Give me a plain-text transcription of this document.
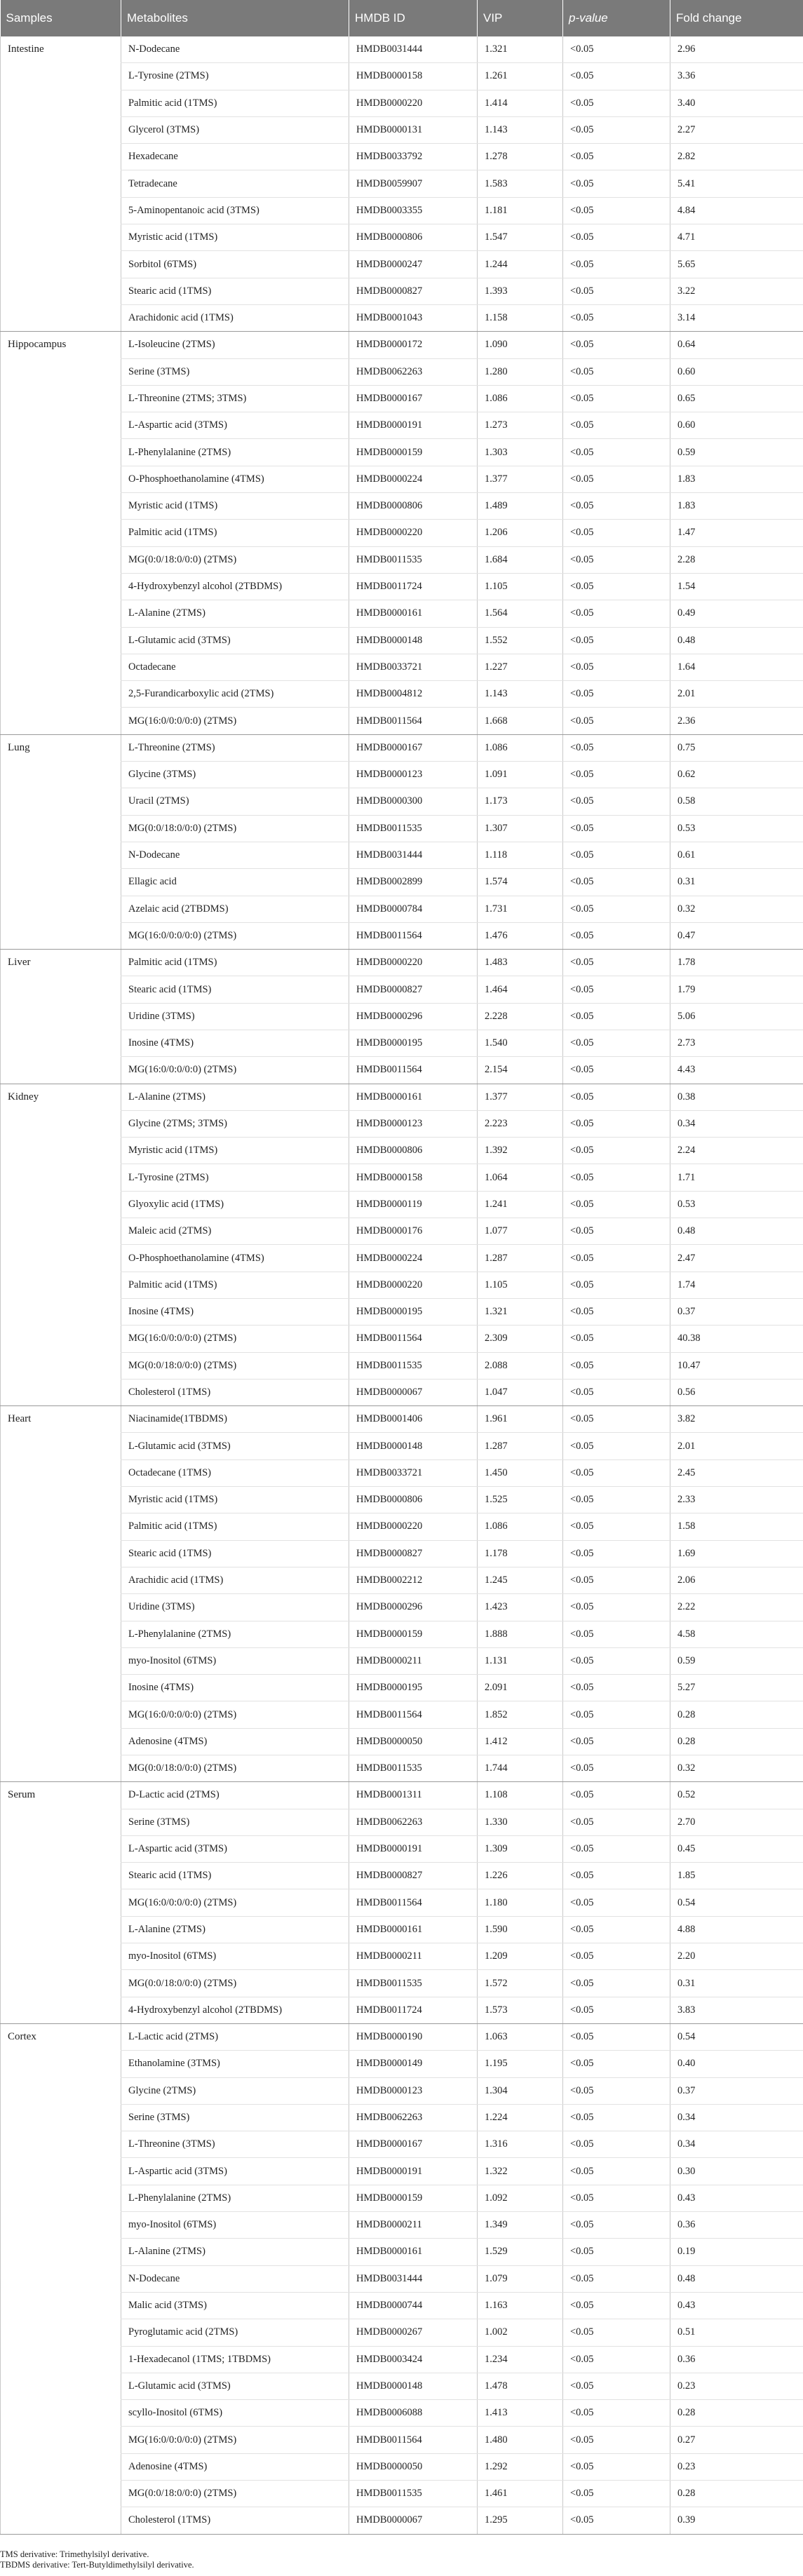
Samples	Metabolites	HMDB ID	VIP	p-value	Fold change
Intestine	N-Dodecane	HMDB0031444	1.321	<0.05	2.96
	L-Tyrosine (2TMS)	HMDB0000158	1.261	<0.05	3.36
	Palmitic acid (1TMS)	HMDB0000220	1.414	<0.05	3.40
	Glycerol (3TMS)	HMDB0000131	1.143	<0.05	2.27
	Hexadecane	HMDB0033792	1.278	<0.05	2.82
	Tetradecane	HMDB0059907	1.583	<0.05	5.41
	5-Aminopentanoic acid (3TMS)	HMDB0003355	1.181	<0.05	4.84
	Myristic acid (1TMS)	HMDB0000806	1.547	<0.05	4.71
	Sorbitol (6TMS)	HMDB0000247	1.244	<0.05	5.65
	Stearic acid (1TMS)	HMDB0000827	1.393	<0.05	3.22
	Arachidonic acid (1TMS)	HMDB0001043	1.158	<0.05	3.14
Hippocampus	L-Isoleucine (2TMS)	HMDB0000172	1.090	<0.05	0.64
	Serine (3TMS)	HMDB0062263	1.280	<0.05	0.60
	L-Threonine (2TMS; 3TMS)	HMDB0000167	1.086	<0.05	0.65
	L-Aspartic acid (3TMS)	HMDB0000191	1.273	<0.05	0.60
	L-Phenylalanine (2TMS)	HMDB0000159	1.303	<0.05	0.59
	O-Phosphoethanolamine (4TMS)	HMDB0000224	1.377	<0.05	1.83
	Myristic acid (1TMS)	HMDB0000806	1.489	<0.05	1.83
	Palmitic acid (1TMS)	HMDB0000220	1.206	<0.05	1.47
	MG(0:0/18:0/0:0) (2TMS)	HMDB0011535	1.684	<0.05	2.28
	4-Hydroxybenzyl alcohol (2TBDMS)	HMDB0011724	1.105	<0.05	1.54
	L-Alanine (2TMS)	HMDB0000161	1.564	<0.05	0.49
	L-Glutamic acid (3TMS)	HMDB0000148	1.552	<0.05	0.48
	Octadecane	HMDB0033721	1.227	<0.05	1.64
	2,5-Furandicarboxylic acid (2TMS)	HMDB0004812	1.143	<0.05	2.01
	MG(16:0/0:0/0:0) (2TMS)	HMDB0011564	1.668	<0.05	2.36
Lung	L-Threonine (2TMS)	HMDB0000167	1.086	<0.05	0.75
	Glycine (3TMS)	HMDB0000123	1.091	<0.05	0.62
	Uracil (2TMS)	HMDB0000300	1.173	<0.05	0.58
	MG(0:0/18:0/0:0) (2TMS)	HMDB0011535	1.307	<0.05	0.53
	N-Dodecane	HMDB0031444	1.118	<0.05	0.61
	Ellagic acid	HMDB0002899	1.574	<0.05	0.31
	Azelaic acid (2TBDMS)	HMDB0000784	1.731	<0.05	0.32
	MG(16:0/0:0/0:0) (2TMS)	HMDB0011564	1.476	<0.05	0.47
Liver	Palmitic acid (1TMS)	HMDB0000220	1.483	<0.05	1.78
	Stearic acid (1TMS)	HMDB0000827	1.464	<0.05	1.79
	Uridine (3TMS)	HMDB0000296	2.228	<0.05	5.06
	Inosine (4TMS)	HMDB0000195	1.540	<0.05	2.73
	MG(16:0/0:0/0:0) (2TMS)	HMDB0011564	2.154	<0.05	4.43
Kidney	L-Alanine (2TMS)	HMDB0000161	1.377	<0.05	0.38
	Glycine (2TMS; 3TMS)	HMDB0000123	2.223	<0.05	0.34
	Myristic acid (1TMS)	HMDB0000806	1.392	<0.05	2.24
	L-Tyrosine (2TMS)	HMDB0000158	1.064	<0.05	1.71
	Glyoxylic acid (1TMS)	HMDB0000119	1.241	<0.05	0.53
	Maleic acid (2TMS)	HMDB0000176	1.077	<0.05	0.48
	O-Phosphoethanolamine (4TMS)	HMDB0000224	1.287	<0.05	2.47
	Palmitic acid (1TMS)	HMDB0000220	1.105	<0.05	1.74
	Inosine (4TMS)	HMDB0000195	1.321	<0.05	0.37
	MG(16:0/0:0/0:0) (2TMS)	HMDB0011564	2.309	<0.05	40.38
	MG(0:0/18:0/0:0) (2TMS)	HMDB0011535	2.088	<0.05	10.47
	Cholesterol (1TMS)	HMDB0000067	1.047	<0.05	0.56
Heart	Niacinamide(1TBDMS)	HMDB0001406	1.961	<0.05	3.82
	L-Glutamic acid (3TMS)	HMDB0000148	1.287	<0.05	2.01
	Octadecane (1TMS)	HMDB0033721	1.450	<0.05	2.45
	Myristic acid (1TMS)	HMDB0000806	1.525	<0.05	2.33
	Palmitic acid (1TMS)	HMDB0000220	1.086	<0.05	1.58
	Stearic acid (1TMS)	HMDB0000827	1.178	<0.05	1.69
	Arachidic acid (1TMS)	HMDB0002212	1.245	<0.05	2.06
	Uridine (3TMS)	HMDB0000296	1.423	<0.05	2.22
	L-Phenylalanine (2TMS)	HMDB0000159	1.888	<0.05	4.58
	myo-Inositol (6TMS)	HMDB0000211	1.131	<0.05	0.59
	Inosine (4TMS)	HMDB0000195	2.091	<0.05	5.27
	MG(16:0/0:0/0:0) (2TMS)	HMDB0011564	1.852	<0.05	0.28
	Adenosine (4TMS)	HMDB0000050	1.412	<0.05	0.28
	MG(0:0/18:0/0:0) (2TMS)	HMDB0011535	1.744	<0.05	0.32
Serum	D-Lactic acid (2TMS)	HMDB0001311	1.108	<0.05	0.52
	Serine (3TMS)	HMDB0062263	1.330	<0.05	2.70
	L-Aspartic acid (3TMS)	HMDB0000191	1.309	<0.05	0.45
	Stearic acid (1TMS)	HMDB0000827	1.226	<0.05	1.85
	MG(16:0/0:0/0:0) (2TMS)	HMDB0011564	1.180	<0.05	0.54
	L-Alanine (2TMS)	HMDB0000161	1.590	<0.05	4.88
	myo-Inositol (6TMS)	HMDB0000211	1.209	<0.05	2.20
	MG(0:0/18:0/0:0) (2TMS)	HMDB0011535	1.572	<0.05	0.31
	4-Hydroxybenzyl alcohol (2TBDMS)	HMDB0011724	1.573	<0.05	3.83
Cortex	L-Lactic acid (2TMS)	HMDB0000190	1.063	<0.05	0.54
	Ethanolamine (3TMS)	HMDB0000149	1.195	<0.05	0.40
	Glycine (2TMS)	HMDB0000123	1.304	<0.05	0.37
	Serine (3TMS)	HMDB0062263	1.224	<0.05	0.34
	L-Threonine (3TMS)	HMDB0000167	1.316	<0.05	0.34
	L-Aspartic acid (3TMS)	HMDB0000191	1.322	<0.05	0.30
	L-Phenylalanine (2TMS)	HMDB0000159	1.092	<0.05	0.43
	myo-Inositol (6TMS)	HMDB0000211	1.349	<0.05	0.36
	L-Alanine (2TMS)	HMDB0000161	1.529	<0.05	0.19
	N-Dodecane	HMDB0031444	1.079	<0.05	0.48
	Malic acid (3TMS)	HMDB0000744	1.163	<0.05	0.43
	Pyroglutamic acid (2TMS)	HMDB0000267	1.002	<0.05	0.51
	1-Hexadecanol (1TMS; 1TBDMS)	HMDB0003424	1.234	<0.05	0.36
	L-Glutamic acid (3TMS)	HMDB0000148	1.478	<0.05	0.23
	scyllo-Inositol (6TMS)	HMDB0006088	1.413	<0.05	0.28
	MG(16:0/0:0/0:0) (2TMS)	HMDB0011564	1.480	<0.05	0.27
	Adenosine (4TMS)	HMDB0000050	1.292	<0.05	0.23
	MG(0:0/18:0/0:0) (2TMS)	HMDB0011535	1.461	<0.05	0.28
	Cholesterol (1TMS)	HMDB0000067	1.295	<0.05	0.39
TMS derivative: Trimethylsilyl derivative.
TBDMS derivative: Tert-Butyldimethylsilyl derivative.
